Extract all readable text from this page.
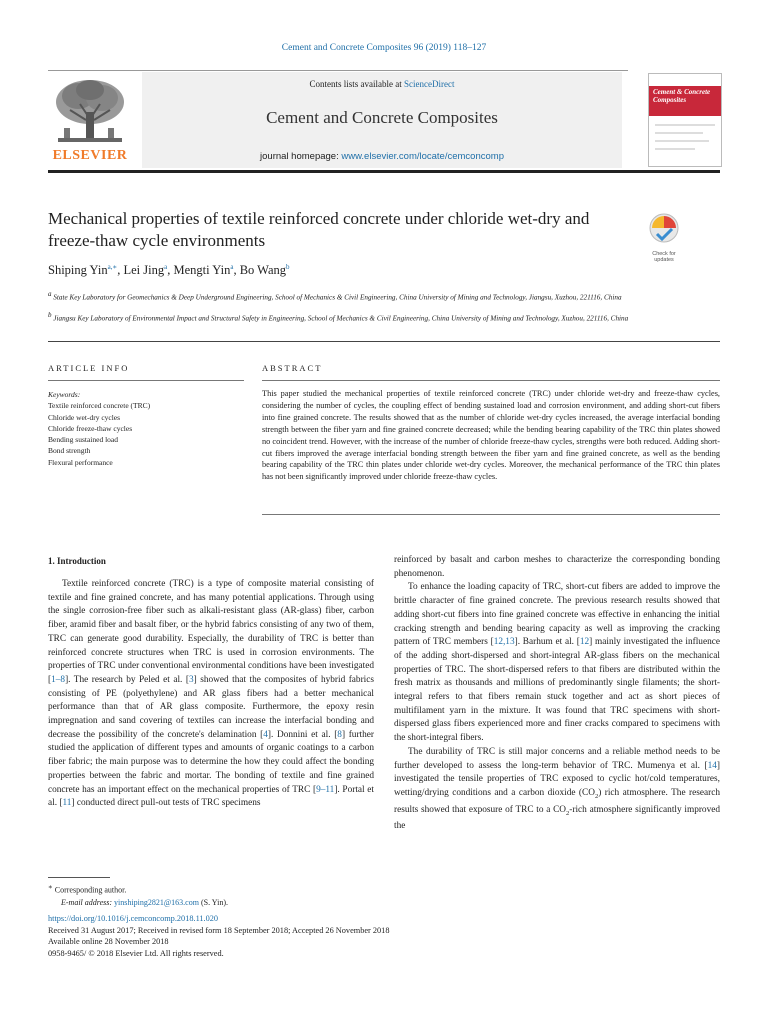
Cement and Concrete Composites 96 (2019) 118–127
ELSEVIER
Contents lists available at ScienceDirect
Cement and Concrete Composites
journal homepage: www.elsevier.com/locate/cemconcomp
Cement & Concrete Composites
Mechanical properties of textile reinforced concrete under chloride wet-dry and freeze-thaw cycle environments
Check for updates
Shiping Yin$^{a,∗}$, Lei Jing$^a$, Mengti Yin$^a$, Bo Wang$^b$
$^a$ State Key Laboratory for Geomechanics & Deep Underground Engineering, School of Mechanics & Civil Engineering, China University of Mining and Technology, Jiangsu, Xuzhou, 221116, China
$^b$ Jiangsu Key Laboratory of Environmental Impact and Structural Safety in Engineering, School of Mechanics & Civil Engineering, China University of Mining and Technology, Xuzhou, 221116, China
ARTICLE INFO	ABSTRACT
Keywords:
Textile reinforced concrete (TRC)
Chloride wet-dry cycles
Chloride freeze-thaw cycles
Bending sustained load
Bond strength
Flexural performance
This paper studied the mechanical properties of textile reinforced concrete (TRC) under chloride wet-dry and freeze-thaw cycles, considering the number of cycles, the coupling effect of bending sustained load and corrosion environment, and adding short-cut fibers into fine grained concrete. The results showed that as the number of chloride wet-dry cycles increased, the average interfacial bonding strength between the fiber yarn and fine grained concrete decreased; while the bending bearing capability of the TRC thin plates showed no coincident trend. However, with the increase of the number of chloride freeze-thaw cycles, strengths were both reduced. Adding short-cut fibers improved the average interfacial bonding strength between the fiber yarn and fine grained concrete, as well as the bending bearing capability of the TRC thin plates under chloride wet-dry cycles. Moreover, the mechanical performance of the TRC thin plates has not been significantly improved under chloride freeze-thaw cycles.
1. Introduction

Textile reinforced concrete (TRC) is a type of composite material consisting of textile and fine grained concrete, and has many potential applications. Through using the single corrosion-free fiber such as alkali-resistant glass (AR-glass) fiber, carbon fiber, aramid fiber and basalt fiber, or the hybrid fabrics consisting of any two of them, TRC can generate good durability. Especially, the durability of TRC is better than reinforced concrete structures when TRC is used in corrosion environments. The properties of TRC under conventional environmental conditions have been investigated [1–8]. The research by Peled et al. [3] showed that the composites of hybrid fabrics consisting of PE (polyethylene) and AR glass fibers had a better mechanical performance than that of AR glass composite. Furthermore, the epoxy resin impregnation and sand covering of textiles can increase the interfacial bonding and decrease the possibility of the concrete's delamination [4]. Donnini et al. [8] further studied the application of different types and amounts of organic coatings to a carbon fiber fabric; the main purpose was to determine the how they could affect the bonding properties between the fabric and mortar. The bonding of textile and fine grained concrete has an important effect on the mechanical properties of TRC [9–11]. Portal et al. [11] conducted direct pull-out tests of TRC specimens

reinforced by basalt and carbon meshes to characterize the corresponding bonding phenomenon.

To enhance the loading capacity of TRC, short-cut fibers are added to improve the brittle character of fine grained concrete. The previous research results showed that adding short-cut fibers into fine grained concrete was effective in enhancing the initial cracking strength and bending bearing capacity as well as improving the cracking pattern of TRC members [12,13]. Barhum et al. [12] mainly investigated the influence of the adding short-dispersed and short-integral AR-glass fibers on the mechanical properties of TRC. The short-dispersed refers to that fibers are distributed within the fresh matrix as thousands and millions of predominantly single filaments; the short-integral refers to that fibers remain stuck together and act as short pieces of multifilament yarn in the mixture. It was found that TRC specimens with short-dispersed glass fibers experienced more and finer cracks compared to specimens with the short-integral fibers.

The durability of TRC is still major concerns and a reliable method needs to be further developed to assess the long-term behavior of TRC. Mumenya et al. [14] investigated the tensile properties of TRC exposed to cyclic hot/cold temperatures, wetting/drying conditions and a carbon dioxide $(CO_2)$ rich atmosphere. The research results showed that exposure of TRC to a $CO_2$-rich atmosphere significantly improved the

∗ Corresponding author.
E-mail address: yinshiping2821@163.com (S. Yin).
https://doi.org/10.1016/j.cemconcomp.2018.11.020
Received 31 August 2017; Received in revised form 18 September 2018; Accepted 26 November 2018
Available online 28 November 2018
0958-9465/ © 2018 Elsevier Ltd. All rights reserved.
